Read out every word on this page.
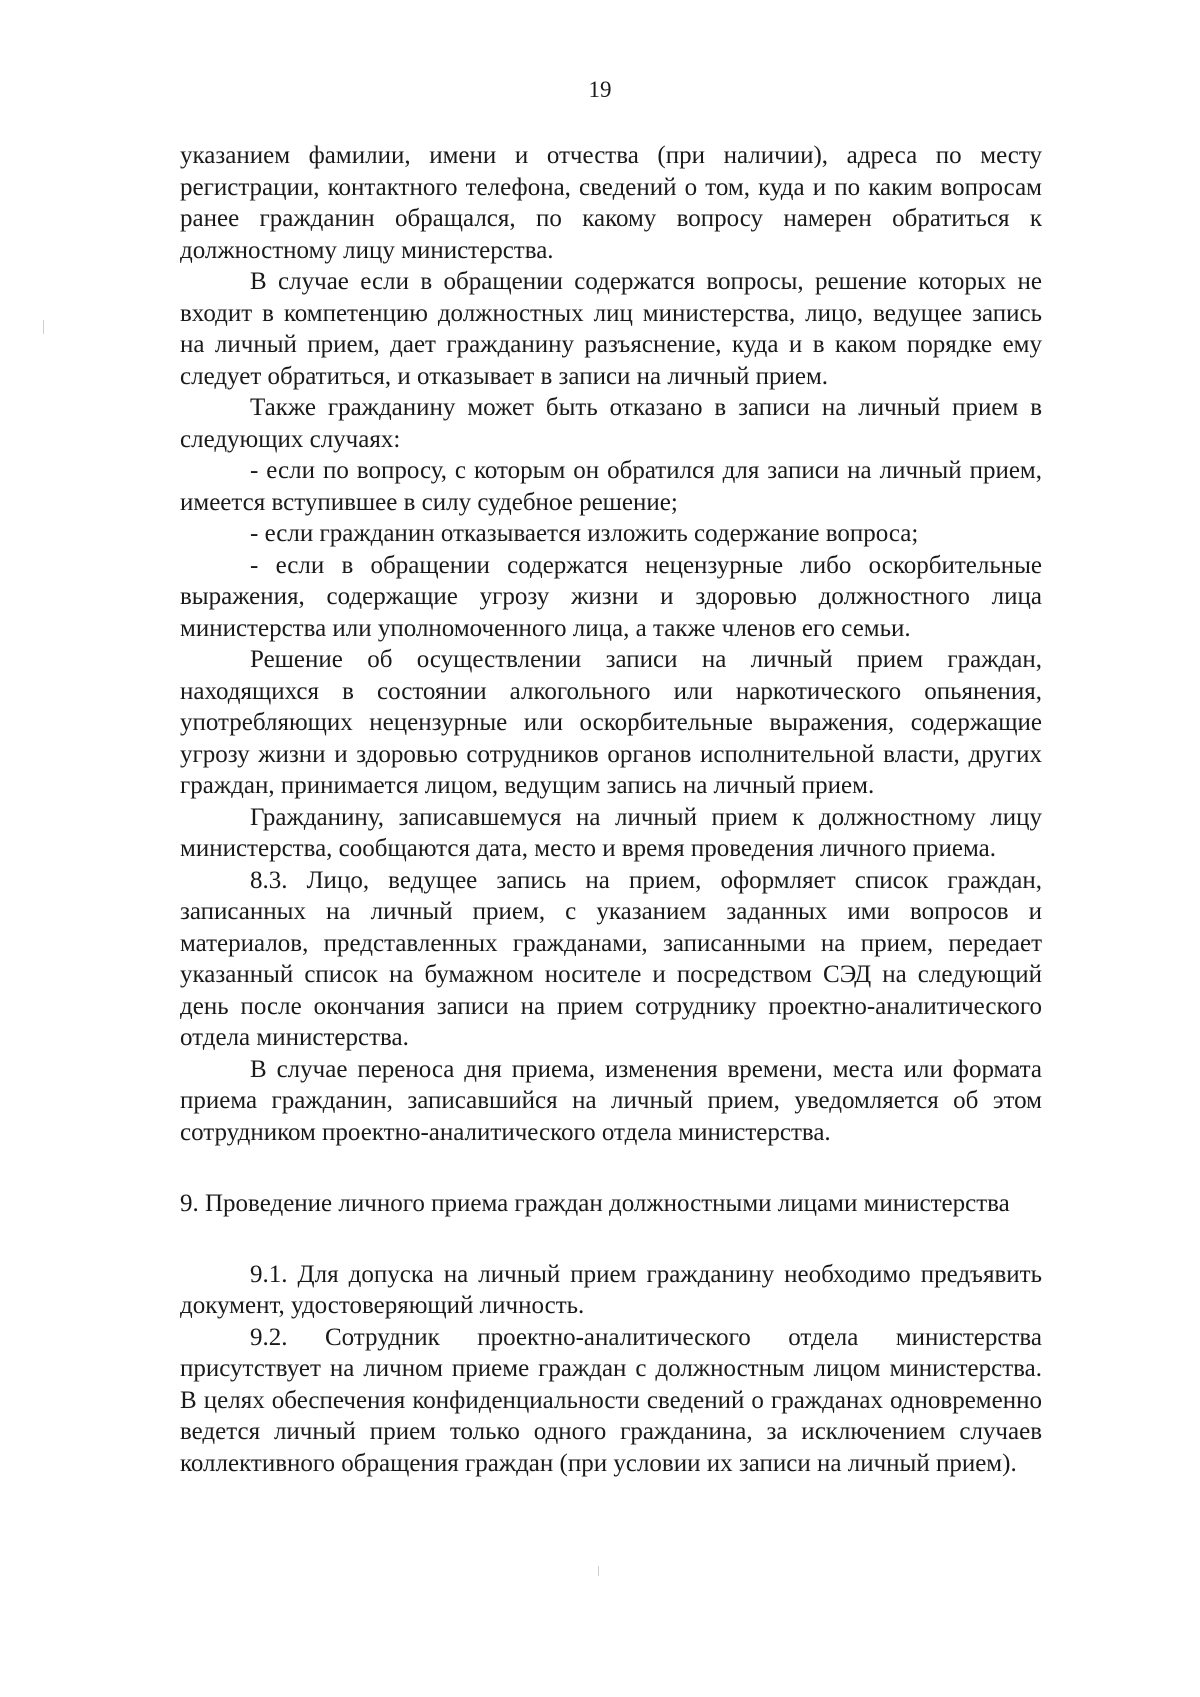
19

указанием фамилии, имени и отчества (при наличии), адреса по месту регистрации, контактного телефона, сведений о том, куда и по каким вопросам ранее гражданин обращался, по какому вопросу намерен обратиться к должностному лицу министерства.

В случае если в обращении содержатся вопросы, решение которых не входит в компетенцию должностных лиц министерства, лицо, ведущее запись на личный прием, дает гражданину разъяснение, куда и в каком порядке ему следует обратиться, и отказывает в записи на личный прием.

Также гражданину может быть отказано в записи на личный прием в следующих случаях:

- если по вопросу, с которым он обратился для записи на личный прием, имеется вступившее в силу судебное решение;

- если гражданин отказывается изложить содержание вопроса;

- если в обращении содержатся нецензурные либо оскорбительные выражения, содержащие угрозу жизни и здоровью должностного лица министерства или уполномоченного лица, а также членов его семьи.

Решение об осуществлении записи на личный прием граждан, находящихся в состоянии алкогольного или наркотического опьянения, употребляющих нецензурные или оскорбительные выражения, содержащие угрозу жизни и здоровью сотрудников органов исполнительной власти, других граждан, принимается лицом, ведущим запись на личный прием.

Гражданину, записавшемуся на личный прием к должностному лицу министерства, сообщаются дата, место и время проведения личного приема.

8.3. Лицо, ведущее запись на прием, оформляет список граждан, записанных на личный прием, с указанием заданных ими вопросов и материалов, представленных гражданами, записанными на прием, передает указанный список на бумажном носителе и посредством СЭД на следующий день после окончания записи на прием сотруднику проектно-аналитического отдела министерства.

В случае переноса дня приема, изменения времени, места или формата приема гражданин, записавшийся на личный прием, уведомляется об этом сотрудником проектно-аналитического отдела министерства.

9. Проведение личного приема граждан должностными лицами министерства

9.1. Для допуска на личный прием гражданину необходимо предъявить документ, удостоверяющий личность.

9.2. Сотрудник проектно-аналитического отдела министерства присутствует на личном приеме граждан с должностным лицом министерства. В целях обеспечения конфиденциальности сведений о гражданах одновременно ведется личный прием только одного гражданина, за исключением случаев коллективного обращения граждан (при условии их записи на личный прием).
